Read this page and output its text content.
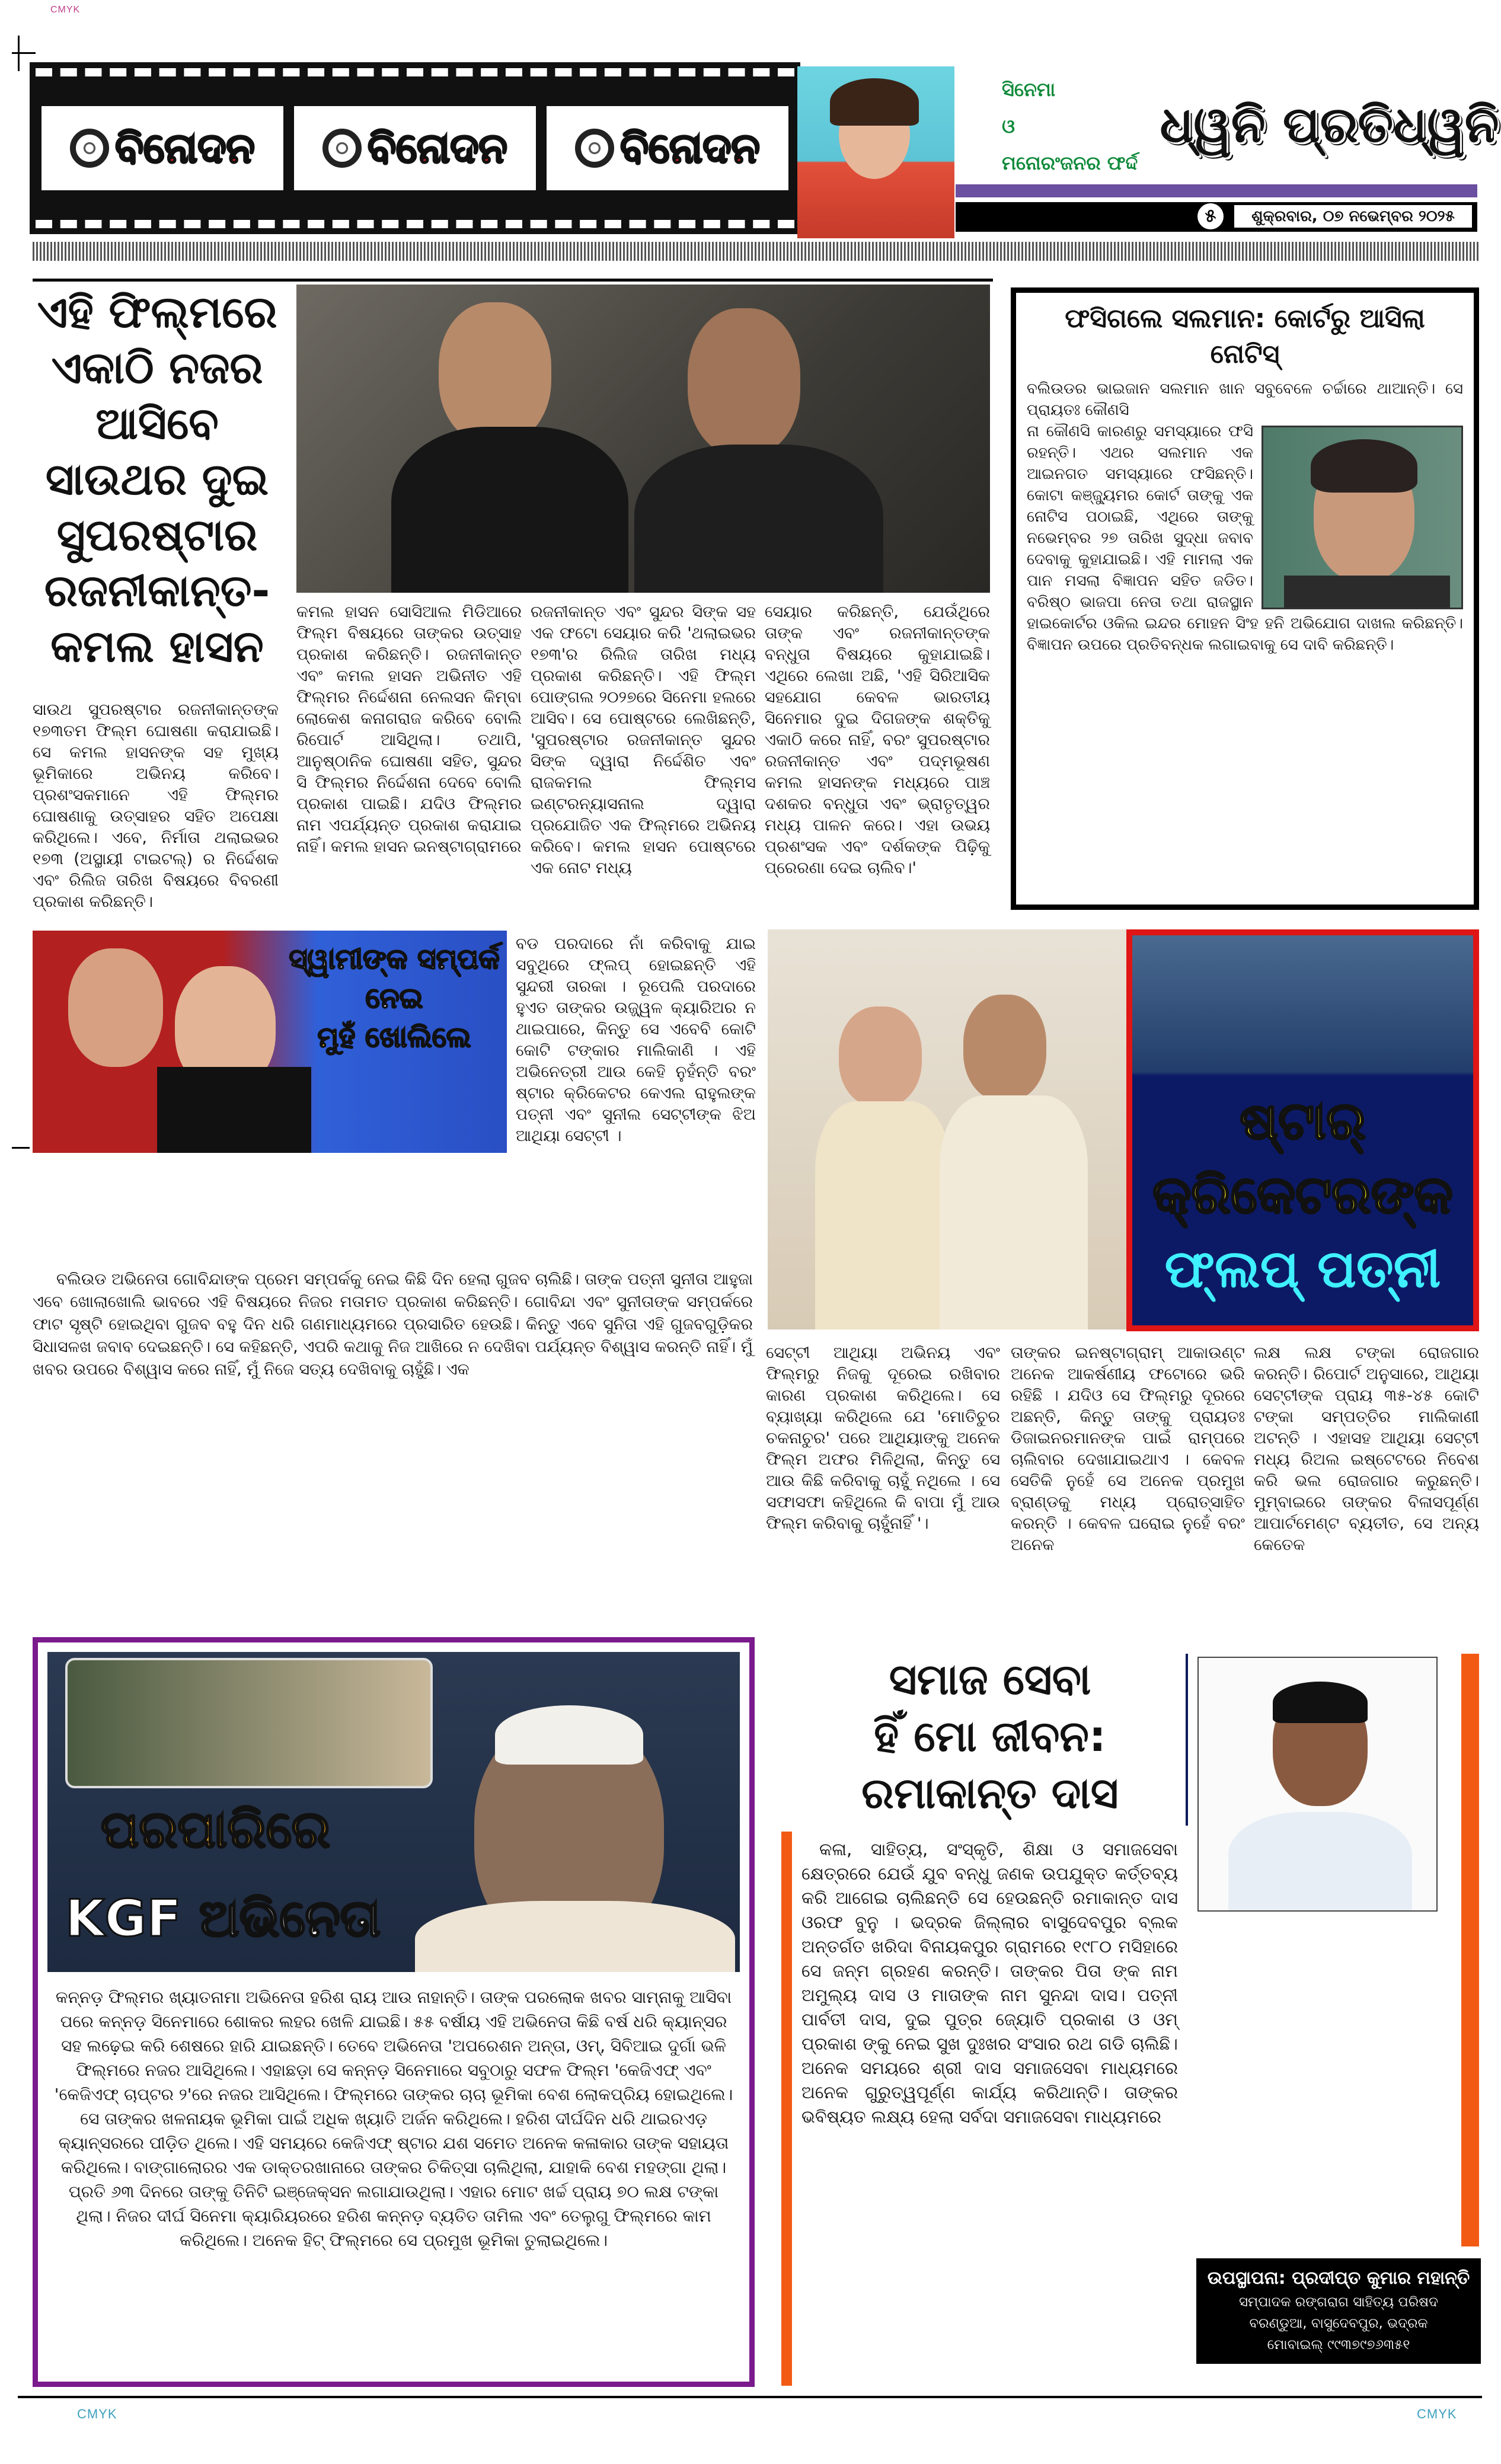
CMYK
CMYK	CMYK
ବିନୋଦନ	ବିନୋଦନ	ବିନୋଦନ
ସିନେମା
ଓ
ମନୋରଂଜନର ଫର୍ଦ୍ଦ
ଧ୍ୱନି ପ୍ରତିଧ୍ୱନି
୫	ଶୁକ୍ରବାର, ୦୭ ନଭେମ୍ବର ୨୦୨୫
ଏହି ଫିଲ୍ମରେ ଏକାଠି ନଜର ଆସିବେ ସାଉଥର ଦୁଇ ସୁପରଷ୍ଟାର ରଜନୀକାନ୍ତ-କମଲ ହାସନ

ସାଉଥ ସୁପରଷ୍ଟାର ରଜନୀକାନ୍ତଙ୍କ ୧୭୩ତମ ଫିଲ୍ମ ଘୋଷଣା କରାଯାଇଛି। ସେ କମଲ ହାସନଙ୍କ ସହ ମୁଖ୍ୟ ଭୂମିକାରେ ଅଭିନୟ କରିବେ। ପ୍ରଶଂସକମାନେ ଏହି ଫିଲ୍ମର ଘୋଷଣାକୁ ଉତ୍ସାହର ସହିତ ଅପେକ୍ଷା କରିଥିଲେ। ଏବେ, ନିର୍ମାତା ଥଲାଇଭର ୧୭୩ (ଅସ୍ଥାୟୀ ଟାଇଟଲ୍) ର ନିର୍ଦ୍ଦେଶକ ଏବଂ ରିଲିଜ ତାରିଖ ବିଷୟରେ ବିବରଣୀ ପ୍ରକାଶ କରିଛନ୍ତି।

କମଲ ହାସନ ସୋସିଆଲ ମିଡିଆରେ ଫିଲ୍ମ ବିଷୟରେ ତାଙ୍କର ଉତ୍ସାହ ପ୍ରକାଶ କରିଛନ୍ତି। ରଜନୀକାନ୍ତ ଏବଂ କମଲ ହାସନ ଅଭିନୀତ ଏହି ଫିଲ୍ମର ନିର୍ଦ୍ଦେଶନା ନେଲସନ କିମ୍ବା ଲୋକେଶ କନାଗରାଜ କରିବେ ବୋଲି ରିପୋର୍ଟ ଆସିଥିଲା। ତଥାପି, ଆନୁଷ୍ଠାନିକ ଘୋଷଣା ସହିତ, ସୁନ୍ଦର ସି ଫିଲ୍ମର ନିର୍ଦ୍ଦେଶନା ଦେବେ ବୋଲି ପ୍ରକାଶ ପାଇଛି। ଯଦିଓ ଫିଲ୍ମର ନାମ ଏପର୍ଯ୍ୟନ୍ତ ପ୍ରକାଶ କରାଯାଇ ନାହିଁ। କମଲ ହାସନ ଇନଷ୍ଟାଗ୍ରାମରେ

ରଜନୀକାନ୍ତ ଏବଂ ସୁନ୍ଦର ସିଙ୍କ ସହ ଏକ ଫଟୋ ସେୟାର କରି 'ଥଲାଇଭର ୧୭୩'ର ରିଲିଜ ତାରିଖ ମଧ୍ୟ ପ୍ରକାଶ କରିଛନ୍ତି। ଏହି ଫିଲ୍ମ ପୋଙ୍ଗଲ ୨୦୨୭ରେ ସିନେମା ହଲରେ ଆସିବ। ସେ ପୋଷ୍ଟରେ ଲେଖିଛନ୍ତି, 'ସୁପରଷ୍ଟାର ରଜନୀକାନ୍ତ ସୁନ୍ଦର ସିଙ୍କ ଦ୍ୱାରା ନିର୍ଦ୍ଦେଶିତ ଏବଂ ରାଜକମଲ ଫିଲ୍ମସ ଇଣ୍ଟରନ୍ୟାସନାଲ ଦ୍ୱାରା ପ୍ରଯୋଜିତ ଏକ ଫିଲ୍ମରେ ଅଭିନୟ କରିବେ। କମଲ ହାସନ ପୋଷ୍ଟରେ ଏକ ନୋଟ ମଧ୍ୟ

ସେୟାର କରିଛନ୍ତି, ଯେଉଁଥିରେ ତାଙ୍କ ଏବଂ ରଜନୀକାନ୍ତଙ୍କ ବନ୍ଧୁତା ବିଷୟରେ କୁହାଯାଇଛି। ଏଥିରେ ଲେଖା ଅଛି, 'ଏହି ସିରିଆସିକ ସହଯୋଗ କେବଳ ଭାରତୀୟ ସିନେମାର ଦୁଇ ଦିଗଜଙ୍କ ଶକ୍ତିକୁ ଏକାଠି କରେ ନାହିଁ, ବରଂ ସୁପରଷ୍ଟାର ରଜନୀକାନ୍ତ ଏବଂ ପଦ୍ମଭୂଷଣ କମଲ ହାସନଙ୍କ ମଧ୍ୟରେ ପାଞ୍ଚ ଦଶକର ବନ୍ଧୁତା ଏବଂ ଭ୍ରାତୃତ୍ୱର ମଧ୍ୟ ପାଳନ କରେ। ଏହା ଉଭୟ ପ୍ରଶଂସକ ଏବଂ ଦର୍ଶକଙ୍କ ପିଢ଼ିକୁ ପ୍ରେରଣା ଦେଇ ଚାଲିବ।'

ଫସିଗଲେ ସଲମାନ: କୋର୍ଟରୁ ଆସିଲା ନୋଟିସ୍

ବଲିଉଡର ଭାଇଜାନ ସଲମାନ ଖାନ ସବୁବେଳେ ଚର୍ଚ୍ଚାରେ ଥାଆନ୍ତି। ସେ ପ୍ରାୟତଃ କୌଣସି

ନା କୌଣସି କାରଣରୁ ସମସ୍ୟାରେ ଫସି ରହନ୍ତି। ଏଥର ସଲମାନ ଏକ ଆଇନଗତ ସମସ୍ୟାରେ ଫସିଛନ୍ତି। କୋଟା କଞ୍ଜ୍ୟୁମର କୋର୍ଟ ତାଙ୍କୁ ଏକ ନୋଟିସ ପଠାଇଛି, ଏଥିରେ ତାଙ୍କୁ ନଭେମ୍ବର ୨୭ ତାରିଖ ସୁଦ୍ଧା ଜବାବ ଦେବାକୁ କୁହାଯାଇଛି। ଏହି ମାମଲା ଏକ ପାନ ମସଲା ବିଜ୍ଞାପନ ସହିତ ଜଡିତ। ବରିଷ୍ଠ ଭାଜପା ନେତା ତଥା ରାଜସ୍ଥାନ ହାଇକୋର୍ଟର ଓକିଲ ଇନ୍ଦର ମୋହନ ସିଂହ ହନି ଅଭିଯୋଗ ଦାଖଲ କରିଛନ୍ତି। ବିଜ୍ଞାପନ ଉପରେ ପ୍ରତିବନ୍ଧକ ଲଗାଇବାକୁ ସେ ଦାବି କରିଛନ୍ତି।

ସ୍ୱାମୀଙ୍କ ସମ୍ପର୍କ
ନେଇ
ମୁହଁ ଖୋଲିଲେ

ବଲିଉଡ ଅଭିନେତା ଗୋବିନ୍ଦାଙ୍କ ପ୍ରେମ ସମ୍ପର୍କକୁ ନେଇ କିଛି ଦିନ ହେଲା ଗୁଜବ ଚାଲିଛି। ତାଙ୍କ ପତ୍ନୀ ସୁନୀତା ଆହୁଜା ଏବେ ଖୋଲାଖୋଲି ଭାବରେ ଏହି ବିଷୟରେ ନିଜର ମତାମତ ପ୍ରକାଶ କରିଛନ୍ତି। ଗୋବିନ୍ଦା ଏବଂ ସୁନୀତାଙ୍କ ସମ୍ପର୍କରେ ଫାଟ ସୃଷ୍ଟି ହୋଇଥିବା ଗୁଜବ ବହୁ ଦିନ ଧରି ଗଣମାଧ୍ୟମରେ ପ୍ରସାରିତ ହେଉଛି। କିନ୍ତୁ ଏବେ ସୁନିତା ଏହି ଗୁଜବଗୁଡ଼ିକର ସିଧାସଳଖ ଜବାବ ଦେଇଛନ୍ତି। ସେ କହିଛନ୍ତି, ଏପରି କଥାକୁ ନିଜ ଆଖିରେ ନ ଦେଖିବା ପର୍ଯ୍ୟନ୍ତ ବିଶ୍ୱାସ କରନ୍ତି ନାହିଁ। ମୁଁ ଖବର ଉପରେ ବିଶ୍ୱାସ କରେ ନାହିଁ, ମୁଁ ନିଜେ ସତ୍ୟ ଦେଖିବାକୁ ଚାହୁଁଛି। ଏକ

ବଡ ପରଦାରେ ନାଁ କରିବାକୁ ଯାଇ ସବୁଥିରେ ଫ୍ଲପ୍ ହୋଇଛନ୍ତି ଏହି ସୁନ୍ଦରୀ ତାରକା । ରୂପେଲି ପରଦାରେ ହୁଏତ ତାଙ୍କର ଉଜ୍ଜ୍ୱଳ କ୍ୟାରିଅର ନ ଥାଇପାରେ, କିନ୍ତୁ ସେ ଏବେବି କୋଟି କୋଟି ଟଙ୍କାର ମାଲିକାଣି । ଏହି ଅଭିନେତ୍ରୀ ଆଉ କେହି ନୁହଁନ୍ତି ବରଂ ଷ୍ଟାର କ୍ରିକେଟର କେଏଲ ରାହୁଲଙ୍କ ପତ୍ନୀ ଏବଂ ସୁନୀଲ ସେଟ୍ଟୀଙ୍କ ଝିଅ ଆଥିୟା ସେଟ୍ଟୀ ।	ଷ୍ଟାର୍
କ୍ରିକେଟରଙ୍କ
ଫ୍ଲପ୍ ପତ୍ନୀ

ସେଟ୍ଟୀ ଆଥିୟା ଅଭିନୟ ଏବଂ ଫିଲ୍ମରୁ ନିଜକୁ ଦୂରେଇ ରଖିବାର କାରଣ ପ୍ରକାଶ କରିଥିଲେ। ସେ ବ୍ୟାଖ୍ୟା କରିଥିଲେ ଯେ 'ମୋତିଚୁର ଚକନାଚୁର' ପରେ ଆଥିୟାଙ୍କୁ ଅନେକ ଫିଲ୍ମ ଅଫର ମିଳିଥିଲା, କିନ୍ତୁ ସେ ଆଉ କିଛି କରିବାକୁ ଚାହୁଁ ନଥିଲେ । ସେ ସଫାସଫା କହିଥିଲେ କି ବାପା ମୁଁ ଆଉ ଫିଲ୍ମ କରିବାକୁ ଚାହୁଁନାହିଁ '।

ତାଙ୍କର ଇନଷ୍ଟାଗ୍ରାମ୍ ଆକାଉଣ୍ଟ ଅନେକ ଆକର୍ଷଣୀୟ ଫଟୋରେ ଭରି ରହିଛି । ଯଦିଓ ସେ ଫିଲ୍ମରୁ ଦୂରରେ ଅଛନ୍ତି, କିନ୍ତୁ ତାଙ୍କୁ ପ୍ରାୟତଃ ଡିଜାଇନରମାନଙ୍କ ପାଇଁ ରାମ୍ପରେ ଚାଲିବାର ଦେଖାଯାଇଥାଏ । କେବଳ ସେତିକି ନୁହେଁ ସେ ଅନେକ ପ୍ରମୁଖ ବ୍ରାଣ୍ଡକୁ ମଧ୍ୟ ପ୍ରୋତ୍ସାହିତ କରନ୍ତି । କେବଳ ଘରୋଇ ନୁହେଁ ବରଂ ଅନେକ

ଲକ୍ଷ ଲକ୍ଷ ଟଙ୍କା ରୋଜଗାର କରନ୍ତି। ରିପୋର୍ଟ ଅନୁସାରେ, ଆଥିୟା ସେଟ୍ଟୀଙ୍କ ପ୍ରାୟ ୩୫-୪୫ କୋଟି ଟଙ୍କା ସମ୍ପତ୍ତିର ମାଲିକାଣୀ ଅଟନ୍ତି । ଏହାସହ ଆଥିୟା ସେଟ୍ଟୀ ମଧ୍ୟ ରିଅଲ ଇଷ୍ଟେଟରେ ନିବେଶ କରି ଭଲ ରୋଜଗାର କରୁଛନ୍ତି। ମୁମ୍ବାଇରେ ତାଙ୍କର ବିଳାସପୂର୍ଣ୍ଣ ଆପାର୍ଟମେଣ୍ଟ ବ୍ୟତୀତ, ସେ ଅନ୍ୟ କେତେକ

ପରପାରିରେ
KGF ଅଭିନେତା

କନ୍ନଡ଼ ଫିଲ୍ମର ଖ୍ୟାତନାମା ଅଭିନେତା ହରିଶ ରାୟ ଆଉ ନାହାନ୍ତି। ତାଙ୍କ ପରଲୋକ ଖବର ସାମ୍ନାକୁ ଆସିବା ପରେ କନ୍ନଡ଼ ସିନେମାରେ ଶୋକର ଲହର ଖେଳି ଯାଇଛି। ୫୫ ବର୍ଷୀୟ ଏହି ଅଭିନେତା କିଛି ବର୍ଷ ଧରି କ୍ୟାନ୍ସର ସହ ଲଢ଼େଇ କରି ଶେଷରେ ହାରି ଯାଇଛନ୍ତି। ତେବେ ଅଭିନେତା 'ଅପରେଶନ ଅନ୍ତା, ଓମ୍, ସିବିଆଇ ଦୁର୍ଗା ଭଳି ଫିଲ୍ମରେ ନଜର ଆସିଥିଲେ। ଏହାଛଡ଼ା ସେ କନ୍ନଡ଼ ସିନେମାରେ ସବୁଠାରୁ ସଫଳ ଫିଲ୍ମ 'କେଜିଏଫ୍ ଏବଂ 'କେଜିଏଫ୍ ଚାପ୍ଟର ୨'ରେ ନଜର ଆସିଥିଲେ। ଫିଲ୍ମରେ ତାଙ୍କର ଚାଚା ଭୂମିକା ବେଶ ଲୋକପ୍ରିୟ ହୋଇଥିଲେ। ସେ ତାଙ୍କର ଖଳନାୟକ ଭୂମିକା ପାଇଁ ଅଧିକ ଖ୍ୟାତି ଅର୍ଜନ କରିଥିଲେ। ହରିଶ ଦୀର୍ଘଦିନ ଧରି ଥାଇରଏଡ଼ କ୍ୟାନ୍ସରରେ ପୀଡ଼ିତ ଥିଲେ। ଏହି ସମୟରେ କେଜିଏଫ୍ ଷ୍ଟାର ଯଶ ସମେତ ଅନେକ କଳାକାର ତାଙ୍କ ସହାୟତା କରିଥିଲେ। ବାଙ୍ଗାଲୋରର ଏକ ଡାକ୍ତରଖାନାରେ ତାଙ୍କର ଚିକିତ୍ସା ଚାଲିଥିଲା, ଯାହାକି ବେଶ ମହଙ୍ଗା ଥିଲା। ପ୍ରତି ୬୩ ଦିନରେ ତାଙ୍କୁ ତିନିଟି ଇଞ୍ଜେକ୍ସନ ଲଗାଯାଉଥିଲା। ଏହାର ମୋଟ ଖର୍ଚ୍ଚ ପ୍ରାୟ ୭୦ ଲକ୍ଷ ଟଙ୍କା ଥିଲା। ନିଜର ଦୀର୍ଘ ସିନେମା କ୍ୟାରିୟରରେ ହରିଶ କନ୍ନଡ଼ ବ୍ୟତିତ ତାମିଲ ଏବଂ ତେଲୁଗୁ ଫିଲ୍ମରେ କାମ କରିଥିଲେ। ଅନେକ ହିଟ୍ ଫିଲ୍ମରେ ସେ ପ୍ରମୁଖ ଭୂମିକା ତୁଲାଇଥିଲେ।

ସମାଜ ସେବା
ହିଁ ମୋ ଜୀବନ:
ରମାକାନ୍ତ ଦାସ

କଳା, ସାହିତ୍ୟ, ସଂସ୍କୃତି, ଶିକ୍ଷା ଓ ସମାଜସେବା କ୍ଷେତ୍ରରେ ଯେଉଁ ଯୁବ ବନ୍ଧୁ ଜଣକ ଉପଯୁକ୍ତ କର୍ତ୍ତବ୍ୟ କରି ଆଗେଇ ଚାଲିଛନ୍ତି ସେ ହେଉଛନ୍ତି ରମାକାନ୍ତ ଦାସ ଓରଫ ବୁନୁ । ଭଦ୍ରକ ଜିଲ୍ଲାର ବାସୁଦେବପୁର ବ୍ଲକ ଅନ୍ତର୍ଗତ ଖରିଦା ବିନାୟକପୁର ଗ୍ରାମରେ ୧୯୮୦ ମସିହାରେ ସେ ଜନ୍ମ ଗ୍ରହଣ କରନ୍ତି। ତାଙ୍କର ପିତା ଙ୍କ ନାମ ଅମୁଲ୍ୟ ଦାସ ଓ ମାତାଙ୍କ ନାମ ସୁନନ୍ଦା ଦାସ। ପତ୍ନୀ ପାର୍ବତୀ ଦାସ, ଦୁଇ ପୁତ୍ର ଜ୍ୟୋତି ପ୍ରକାଶ ଓ ଓମ୍ ପ୍ରକାଶ ଙ୍କୁ ନେଇ ସୁଖ ଦୁଃଖର ସଂସାର ରଥ ଗଡି ଚାଲିଛି। ଅନେକ ସମୟରେ ଶ୍ରୀ ଦାସ ସମାଜସେବା ମାଧ୍ୟମରେ ଅନେକ ଗୁରୁତ୍ୱପୂର୍ଣ୍ଣ କାର୍ଯ୍ୟ କରିଥାନ୍ତି। ତାଙ୍କର ଭବିଷ୍ୟତ ଲକ୍ଷ୍ୟ ହେଲା ସର୍ବଦା ସମାଜସେବା ମାଧ୍ୟମରେ

ଉପସ୍ଥାପନା: ପ୍ରଦୀପ୍ତ କୁମାର ମହାନ୍ତି
ସମ୍ପାଦକ ରଙ୍ଗରାଗ ସାହିତ୍ୟ ପରିଷଦ
ବରଣ୍ଡୁଆ, ବାସୁଦେବପୁର, ଭଦ୍ରକ
ମୋବାଇଲ୍ ୯୯୩୭୯୭୬୩୫୧
